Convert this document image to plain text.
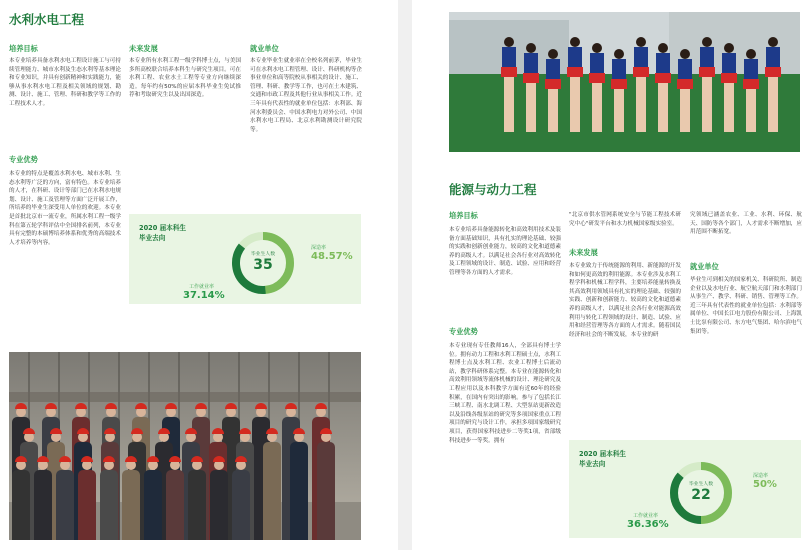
水利水电工程
培养目标
本专业培养具备水利水电工程设计施工与可持续管理能力、城市水利及生态水利等基本理论和专业知识，并具有创新精神和实践能力，能够从事水利水电工程及相关领域的规划、勘测、设计、施工、管理、科研和教学等工作的工程技术人才。
专业优势
本专业的特点是覆盖水利水电、城市水利、生态水利等广泛的方向，富有特色。本专业培养的人才，在科研、设计等部门已在水利水电规划、设计、施工及管理等方面广泛开展工作，所培养的毕业生深受用人单位的欢迎。本专业是首批北京市一流专业，所属水利工程一级学科在第五轮学科评估中全国排名前列，本专业具有完整的本硕博培养体系和优秀的高端技术人才培养等内容。
未来发展
本专业所有水利工程一级学科博士点，与美国多所高校联合培养本科生与研究生项目。可在水利工程、农业水土工程等专业方向继续深造。每年约有50%的应届本科毕业生免试推荐和考取研究生以及出国深造。
就业单位
本专业毕业生就业率在全校名列前茅，毕业生可在水利水电工程管理、设计、科研机构等企事业单位和高等院校从事相关的设计、施工、管理、科研、教学等工作，也可在土木建筑、交通和市政工程及其他行业从事相关工作。近三年具有代表性的就业单位包括：水利部、海河水利委员会、中国水利电力对外公司、中国水利水电工程局、北京水利勘测设计研究院等。
2020 届本科生
毕业去向
毕业生人数
35
深造率
48.57%
工作就业率
37.14%
能源与动力工程
培养目标
本专业培养具备能源转化和高效利用技术及装备方面基础知识，具有扎实的理论基础、较强的实践和创新创业能力，较高的文化和道德素养的高级人才。以满足社会各行业对高效转化及工程领域的设计、制造、试验、应用和经营管理等各方面的人才需求。
专业优势
本专业现有专任教师16人，全部具有博士学位。拥有动力工程和水利工程硕士点，水利工程博士点及水利工程、农业工程博士后流动站，教学科研体系完整。本专业在能源转化和高效利用领域等流体机械的设计、理论研究及工程应用以及本科教学方面有近60年的经验积累，在国内有突出的影响。参与了包括长江三峡工程、南水北调工程、大型泵站更新改造以及沿线各级泵站的研究等多项国家重点工程项目的研究与设计工作，承担多项国家级研究项目，获得国家科技进步二等奖1项，省部级科技进步一等奖。拥有
"北京市供水管网系统安全与节能工程技术研究中心"研发平台和水力机械国家级实验室。
未来发展
本专业致力于传统能源的利用、新能源的开发和如何更高效的利用能源。本专业涉及水利工程学科和机械工程学科，主要培养能量转换及其高效利用领域具有扎实的理论基础、较强的实践、创新和创新能力、较高的文化和道德素养的高级人才，以满足社会各行业对能源高效利用与转化工程领域的设计、制造、试验、应用和经营管理等各方面的人才需求。随着国民经济和社会的不断发展，本专业的研
究领域已涵盖农业、工业、水利、环保、航天、国防等各个部门，人才需求不断增加，应用范围不断拓宽。
就业单位
毕业生可到相关的国家机关、科研院所、制造企业以及水电行业、航空航天部门和水利部门从事生产、教学、科研、销售、管理等工作。近三年具有代表性的就业单位包括：水利部等属单位、中国长江电力股份有限公司、上海凯士比泵有限公司、东方电气集团、哈尔滨电气集团等。
2020 届本科生
毕业去向
毕业生人数
22
深造率
50%
工作就业率
36.36%
